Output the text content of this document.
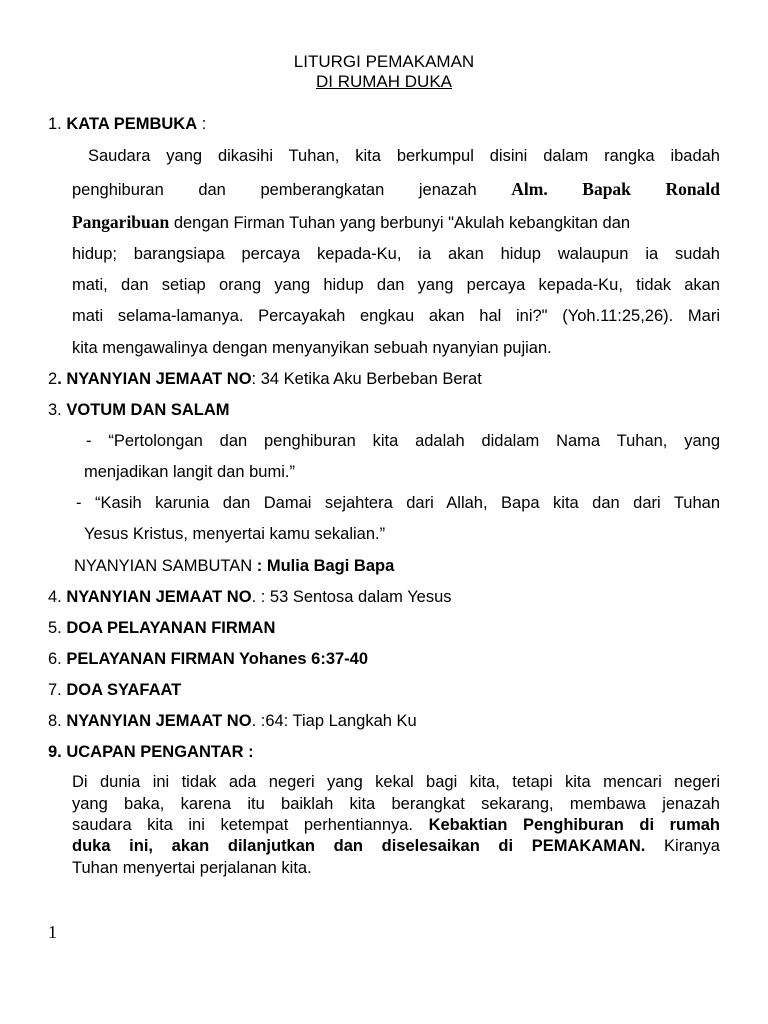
LITURGI PEMAKAMAN
DI RUMAH DUKA
1. KATA PEMBUKA :
Saudara yang dikasihi Tuhan, kita berkumpul disini dalam rangka ibadah
penghiburan dan pemberangkatan jenazah Alm. Bapak Ronald
Pangaribuan dengan Firman Tuhan yang berbunyi "Akulah kebangkitan dan
hidup; barangsiapa percaya kepada-Ku, ia akan hidup walaupun ia sudah
mati, dan setiap orang yang hidup dan yang percaya kepada-Ku, tidak akan
mati selama-lamanya. Percayakah engkau akan hal ini?" (Yoh.11:25,26). Mari
kita mengawalinya dengan menyanyikan sebuah nyanyian pujian.
2. NYANYIAN JEMAAT NO: 34 Ketika Aku Berbeban Berat
3. VOTUM DAN SALAM
- “Pertolongan dan penghiburan kita adalah didalam Nama Tuhan, yang
menjadikan langit dan bumi.”
- “Kasih karunia dan Damai sejahtera dari Allah, Bapa kita dan dari Tuhan
Yesus Kristus, menyertai kamu sekalian.”
NYANYIAN SAMBUTAN : Mulia Bagi Bapa
4. NYANYIAN JEMAAT NO. : 53 Sentosa dalam Yesus
5. DOA PELAYANAN FIRMAN
6. PELAYANAN FIRMAN Yohanes 6:37-40
7. DOA SYAFAAT
8. NYANYIAN JEMAAT NO. :64: Tiap Langkah Ku
9. UCAPAN PENGANTAR :
Di dunia ini tidak ada negeri yang kekal bagi kita, tetapi kita mencari negeri
yang baka, karena itu baiklah kita berangkat sekarang, membawa jenazah
saudara kita ini ketempat perhentiannya. Kebaktian Penghiburan di rumah
duka ini, akan dilanjutkan dan diselesaikan di PEMAKAMAN. Kiranya
Tuhan menyertai perjalanan kita.
1
